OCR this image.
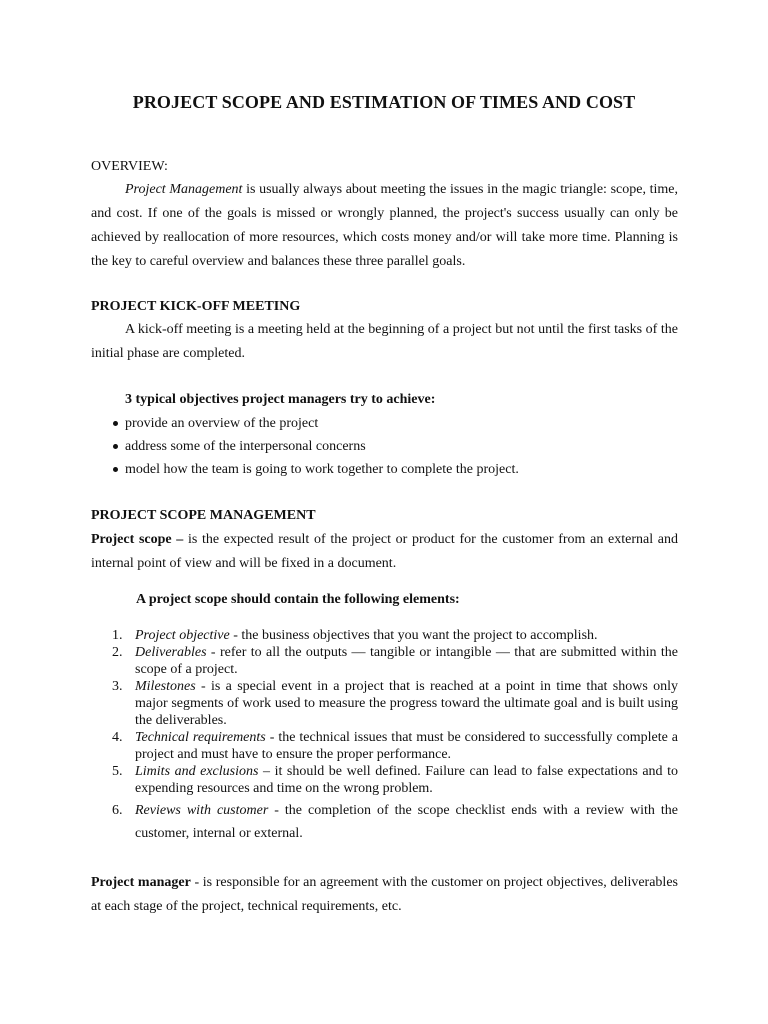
PROJECT SCOPE AND ESTIMATION OF TIMES AND COST

OVERVIEW:

Project Management is usually always about meeting the issues in the magic triangle: scope, time, and cost. If one of the goals is missed or wrongly planned, the project's success usually can only be achieved by reallocation of more resources, which costs money and/or will take more time. Planning is the key to careful overview and balances these three parallel goals.

PROJECT KICK-OFF MEETING

A kick-off meeting is a meeting held at the beginning of a project but not until the first tasks of the initial phase are completed.

3 typical objectives project managers try to achieve:
provide an overview of the project
address some of the interpersonal concerns
model how the team is going to work together to complete the project.
PROJECT SCOPE MANAGEMENT

Project scope – is the expected result of the project or product for the customer from an external and internal point of view and will be fixed in a document.

A project scope should contain the following elements:
1. Project objective - the business objectives that you want the project to accomplish.
2. Deliverables - refer to all the outputs — tangible or intangible — that are submitted within the scope of a project.
3. Milestones - is a special event in a project that is reached at a point in time that shows only major segments of work used to measure the progress toward the ultimate goal and is built using the deliverables.
4. Technical requirements - the technical issues that must be considered to successfully complete a project and must have to ensure the proper performance.
5. Limits and exclusions – it should be well defined. Failure can lead to false expectations and to expending resources and time on the wrong problem.
6. Reviews with customer - the completion of the scope checklist ends with a review with the customer, internal or external.

Project manager - is responsible for an agreement with the customer on project objectives, deliverables at each stage of the project, technical requirements, etc.
